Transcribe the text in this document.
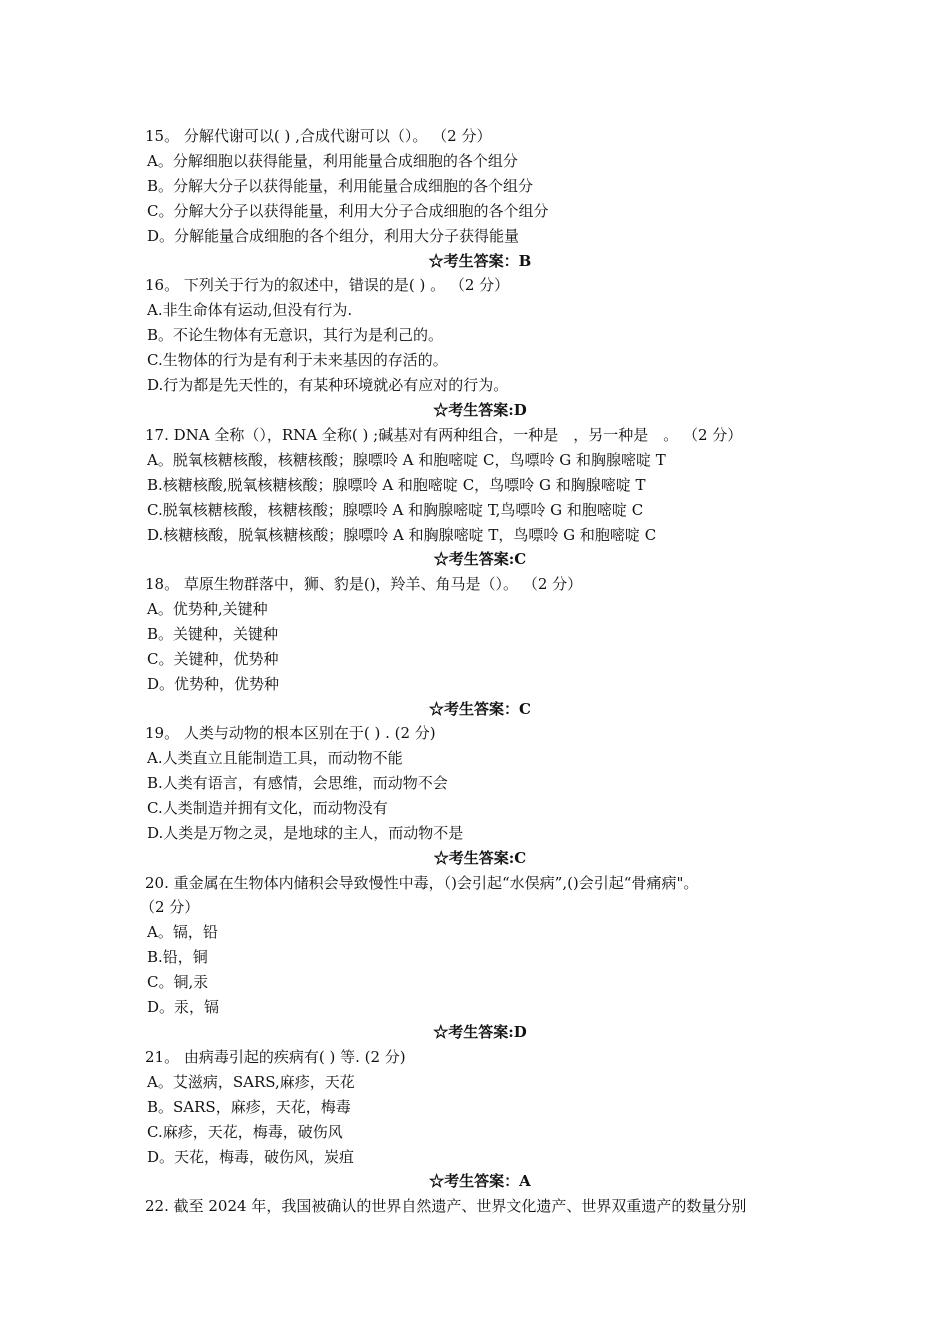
15。 分解代谢可以( ) ,合成代谢可以（）。 （2 分）
A。分解细胞以获得能量，利用能量合成细胞的各个组分
B。分解大分子以获得能量，利用能量合成细胞的各个组分
C。分解大分子以获得能量，利用大分子合成细胞的各个组分
D。分解能量合成细胞的各个组分，利用大分子获得能量
☆考生答案：B
16。 下列关于行为的叙述中，错误的是( ) 。 （2 分）
A.非生命体有运动,但没有行为.
B。不论生物体有无意识，其行为是利己的。
C.生物体的行为是有利于未来基因的存活的。
D.行为都是先天性的，有某种环境就必有应对的行为。
☆考生答案:D
17. DNA 全称（），RNA 全称( ) ;碱基对有两种组合，一种是　，另一种是　。 （2 分）
A。脱氧核糖核酸，核糖核酸；腺嘌呤 A 和胞嘧啶 C，鸟嘌呤 G 和胸腺嘧啶 T
B.核糖核酸,脱氧核糖核酸；腺嘌呤 A 和胞嘧啶 C，鸟嘌呤 G 和胸腺嘧啶 T
C.脱氧核糖核酸，核糖核酸；腺嘌呤 A 和胸腺嘧啶 T,鸟嘌呤 G 和胞嘧啶 C
D.核糖核酸，脱氧核糖核酸；腺嘌呤 A 和胸腺嘧啶 T，鸟嘌呤 G 和胞嘧啶 C
☆考生答案:C
18。 草原生物群落中，狮、豹是()，羚羊、角马是（）。 （2 分）
A。优势种,关键种
B。关键种，关键种
C。关键种，优势种
D。优势种，优势种
☆考生答案：C
19。 人类与动物的根本区别在于( ) . (2 分)
A.人类直立且能制造工具，而动物不能
B.人类有语言，有感情，会思维，而动物不会
C.人类制造并拥有文化，而动物没有
D.人类是万物之灵，是地球的主人，而动物不是
☆考生答案:C
20. 重金属在生物体内储积会导致慢性中毒，（)会引起“水俣病”,()会引起“骨痛病"。
（2 分）
A。镉，铅
B.铅，铜
C。铜,汞
D。汞，镉
☆考生答案:D
21。 由病毒引起的疾病有( ) 等. (2 分)
A。艾滋病，SARS,麻疹，天花
B。SARS，麻疹，天花，梅毒
C.麻疹，天花，梅毒，破伤风
D。天花，梅毒，破伤风，炭疽
☆考生答案：A
22. 截至 2024 年，我国被确认的世界自然遗产、世界文化遗产、世界双重遗产的数量分别
